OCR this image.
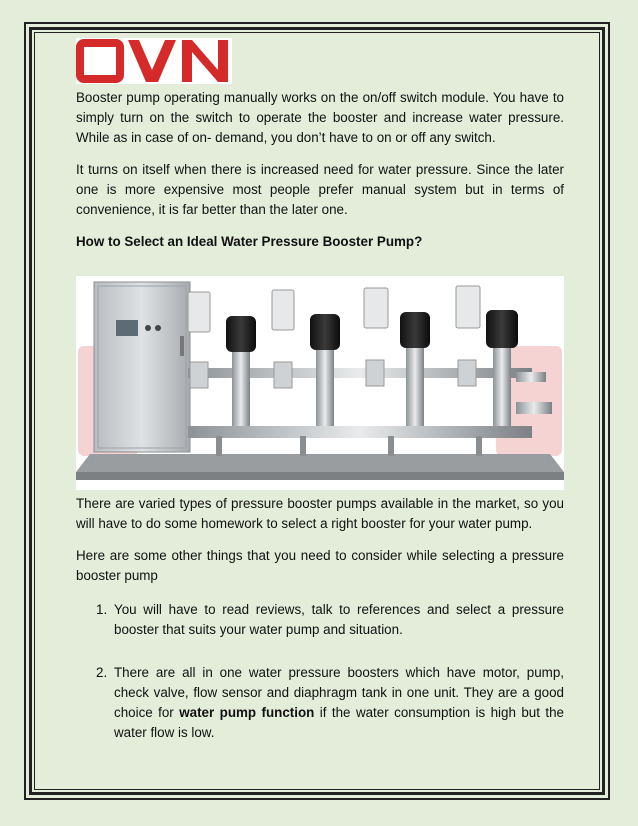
Booster pump operating manually works on the on/off switch module. You have to simply turn on the switch to operate the booster and increase water pressure. While as in case of on- demand, you don’t have to on or off any switch.
It turns on itself when there is increased need for water pressure. Since the later one is more expensive most people prefer manual system but in terms of convenience, it is far better than the later one.
How to Select an Ideal Water Pressure Booster Pump?
There are varied types of pressure booster pumps available in the market, so you will have to do some homework to select a right booster for your water pump.
Here are some other things that you need to consider while selecting a pressure booster pump
1. You will have to read reviews, talk to references and select a pressure booster that suits your water pump and situation.
2. There are all in one water pressure boosters which have motor, pump, check valve, flow sensor and diaphragm tank in one unit. They are a good choice for water pump function if the water consumption is high but the water flow is low.
